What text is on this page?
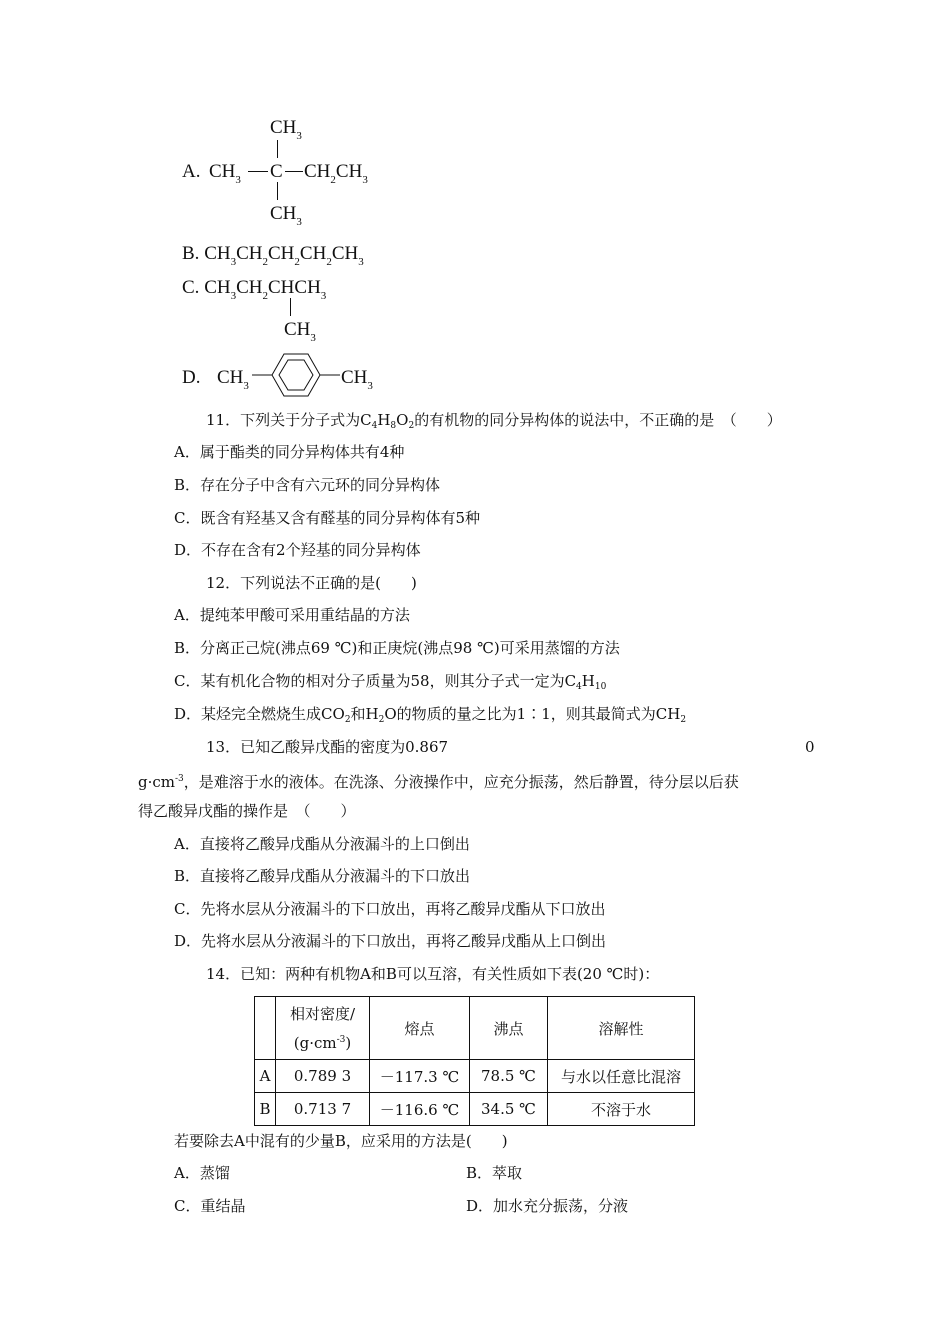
$CH_3$
A. $CH_3$ C $CH_2CH_3$
$CH_3$
B. $CH_3CH_2CH_2CH_2CH_3$
C. $CH_3CH_2CHCH_3$
$CH_3$
D. $CH_3$	$CH_3$
11．下列关于分子式为$C_4H_8O_2$的有机物的同分异构体的说法中，不正确的是　（　　）
A．属于酯类的同分异构体共有4种
B．存在分子中含有六元环的同分异构体
C．既含有羟基又含有醛基的同分异构体有5种
D．不存在含有2个羟基的同分异构体
12．下列说法不正确的是(　　)
A．提纯苯甲酸可采用重结晶的方法
B．分离正己烷(沸点69 ℃)和正庚烷(沸点98 ℃)可采用蒸馏的方法
C．某有机化合物的相对分子质量为58，则其分子式一定为$C_4H_{10}$
D．某烃完全燃烧生成$CO_2$和$H_2O$的物质的量之比为1∶1，则其最简式为$CH_2$
13．已知乙酸异戊酯的密度为0.867	0
$g\cdot cm^{-3}$，是难溶于水的液体。在洗涤、分液操作中，应充分振荡，然后静置，待分层以后获
得乙酸异戊酯的操作是　（　　）
A．直接将乙酸异戊酯从分液漏斗的上口倒出
B．直接将乙酸异戊酯从分液漏斗的下口放出
C．先将水层从分液漏斗的下口放出，再将乙酸异戊酯从下口放出
D．先将水层从分液漏斗的下口放出，再将乙酸异戊酯从上口倒出
14．已知：两种有机物A和B可以互溶，有关性质如下表(20 ℃时)：
	相对密度/
$(g\cdot cm^{-3})$	熔点	沸点	溶解性
A	0.789 3	－117.3 ℃	78.5 ℃	与水以任意比混溶
B	0.713 7	－116.6 ℃	34.5 ℃	不溶于水
若要除去A中混有的少量B，应采用的方法是(　　)
A．蒸馏	B．萃取
C．重结晶	D．加水充分振荡，分液
